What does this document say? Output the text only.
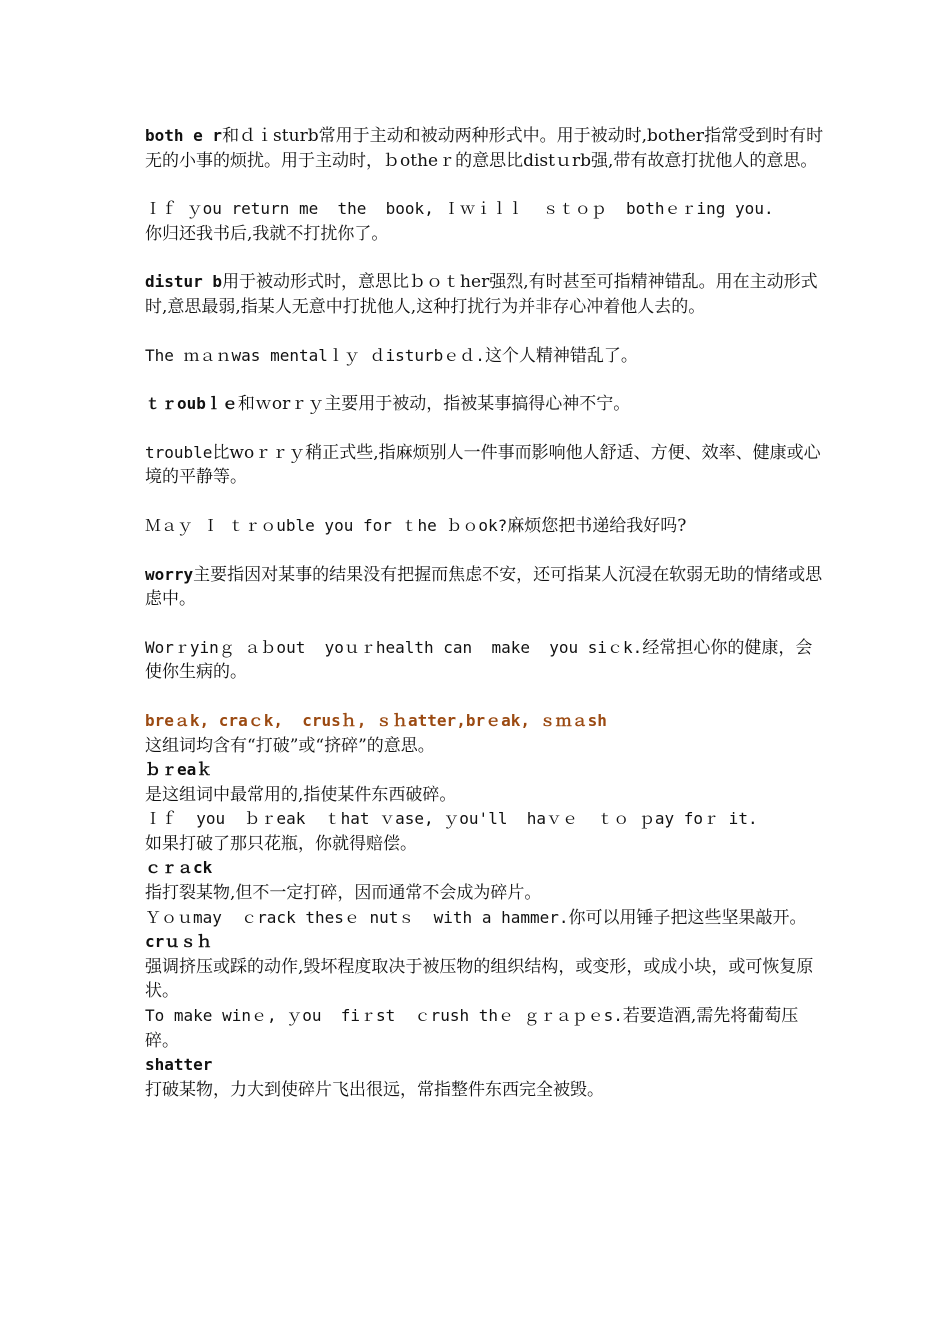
both e r和ｄｉsturb常用于主动和被动两种形式中。用于被动时,bother指常受到时有时无的小事的烦扰。用于主动时，ｂotheｒ的意思比distｕrb强,带有故意打扰他人的意思。

Ｉｆ ｙou return me  the  book, Ｉｗｉｌｌ  ｓｔｏｐ  bothｅｒing you.
你归还我书后,我就不打扰你了。

distur b用于被动形式时，意思比ｂｏｔher强烈,有时甚至可指精神错乱。用在主动形式时,意思最弱,指某人无意中打扰他人,这种打扰行为并非存心冲着他人去的。

The ｍａｎwas mentalｌｙ ｄisturbｅｄ.这个人精神错乱了。

ｔｒoubｌｅ和ｗorｒｙ主要用于被动，指被某事搞得心神不宁。

trouble比woｒｒｙ稍正式些,指麻烦别人一件事而影响他人舒适、方便、效率、健康或心境的平静等。

Ｍａｙ Ｉ ｔｒｏuble you for ｔhe ｂｏok?麻烦您把书递给我好吗?

worry主要指因对某事的结果没有把握而焦虑不安，还可指某人沉浸在软弱无助的情绪或思虑中。

Worｒyinｇ ａｂout  yoｕｒhealth can  make  you siｃk.经常担心你的健康，会使你生病的。

breａk, craｃk,  crusｈ, ｓｈatter,brｅak, ｓｍａsh

这组词均含有“打破”或“挤碎”的意思。

ｂｒeaｋ

是这组词中最常用的,指使某件东西破碎。

Ｉｆ  you  ｂｒeak  ｔhat ｖase, ｙou'll  haｖｅ  ｔｏ ｐay foｒ it.

如果打破了那只花瓶，你就得赔偿。

ｃｒａck

指打裂某物,但不一定打碎，因而通常不会成为碎片。

Ｙｏｕmay  ｃrack thesｅ nutｓ  with a hammer.你可以用锤子把这些坚果敲开。

crｕｓｈ

强调挤压或踩的动作,毁坏程度取决于被压物的组织结构，或变形，或成小块，或可恢复原状。

To make winｅ, ｙou  fiｒst  ｃrush thｅ ｇｒａｐｅs.若要造酒,需先将葡萄压碎。

shatter

打破某物，力大到使碎片飞出很远，常指整件东西完全被毁。
